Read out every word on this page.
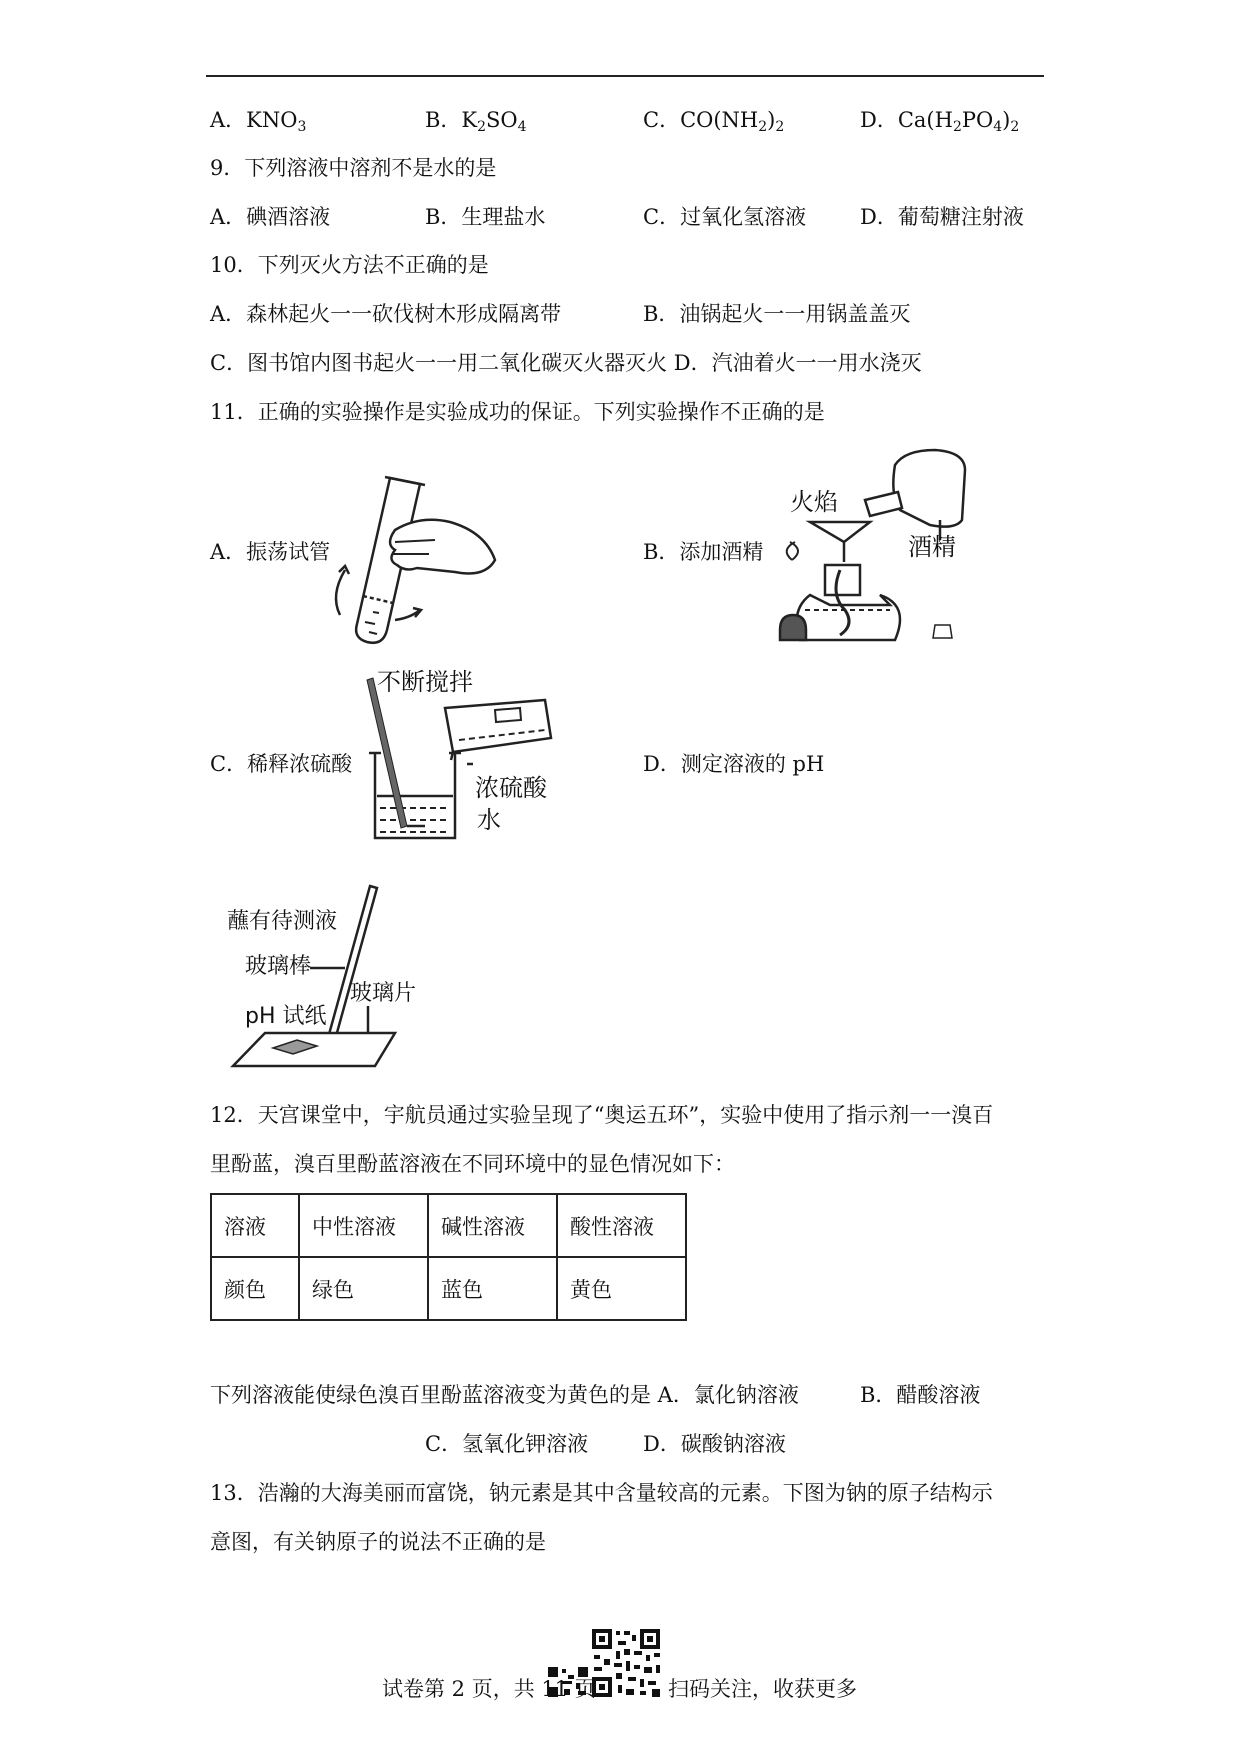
A．$KNO_3$	B．$K_2SO_4$	C．$CO(NH_2)_2$	D．$Ca(H_2PO_4)_2$
9．下列溶液中溶剂不是水的是
A．碘酒溶液	B．生理盐水	C．过氧化氢溶液	D．葡萄糖注射液
10．下列灭火方法不正确的是
A．森林起火一一砍伐树木形成隔离带	B．油锅起火一一用锅盖盖灭
C．图书馆内图书起火一一用二氧化碳灭火器灭火 D．汽油着火一一用水浇灭
11．正确的实验操作是实验成功的保证。下列实验操作不正确的是
A．振荡试管	B．添加酒精
C．稀释浓硫酸	D．测定溶液的 pH
火焰
酒精
不断搅拌
浓硫酸
水
蘸有待测液
玻璃棒
pH 试纸
玻璃片
12．天宫课堂中，宇航员通过实验呈现了“奥运五环”，实验中使用了指示剂一一溴百
里酚蓝，溴百里酚蓝溶液在不同环境中的显色情况如下：
溶液	中性溶液	碱性溶液	酸性溶液
颜色	绿色	蓝色	黄色
下列溶液能使绿色溴百里酚蓝溶液变为黄色的是 A．氯化钠溶液	B．醋酸溶液
C．氢氧化钾溶液	D．碳酸钠溶液
13．浩瀚的大海美丽而富饶，钠元素是其中含量较高的元素。下图为钠的原子结构示
意图，有关钠原子的说法不正确的是
试卷第 2 页，共 11 页	扫码关注，收获更多
